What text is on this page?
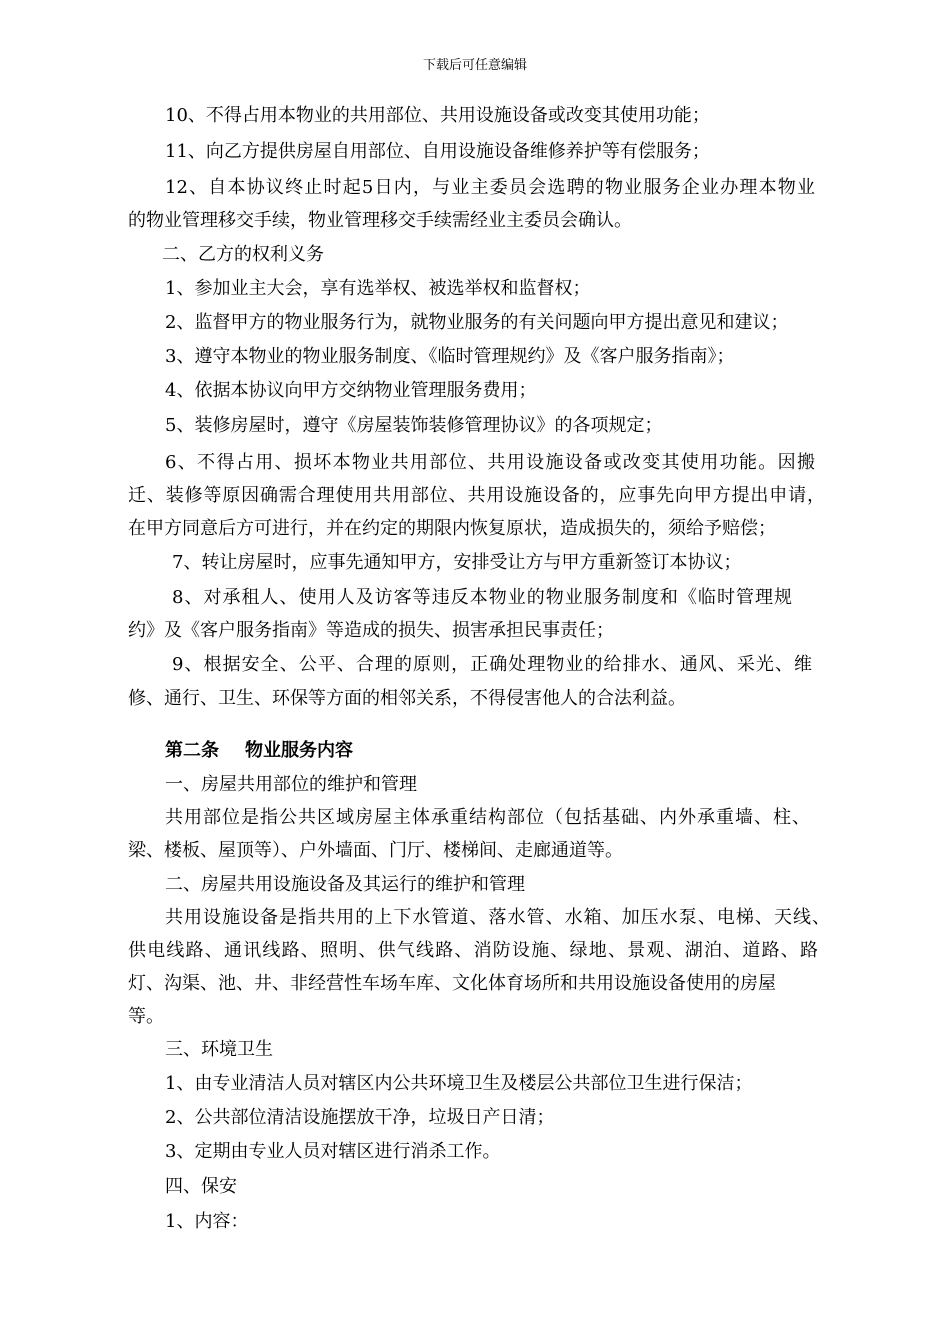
下载后可任意编辑
10、不得占用本物业的共用部位、共用设施设备或改变其使用功能；
11、向乙方提供房屋自用部位、自用设施设备维修养护等有偿服务；
12、自本协议终止时起5日内，与业主委员会选聘的物业服务企业办理本物业
的物业管理移交手续，物业管理移交手续需经业主委员会确认。
二、乙方的权利义务
1、参加业主大会，享有选举权、被选举权和监督权；
2、监督甲方的物业服务行为，就物业服务的有关问题向甲方提出意见和建议；
3、遵守本物业的物业服务制度、《临时管理规约》及《客户服务指南》；
4、依据本协议向甲方交纳物业管理服务费用；
5、装修房屋时，遵守《房屋装饰装修管理协议》的各项规定；
6、不得占用、损坏本物业共用部位、共用设施设备或改变其使用功能。因搬
迁、装修等原因确需合理使用共用部位、共用设施设备的，应事先向甲方提出申请，
在甲方同意后方可进行，并在约定的期限内恢复原状，造成损失的，须给予赔偿；
7、转让房屋时，应事先通知甲方，安排受让方与甲方重新签订本协议；
8、对承租人、使用人及访客等违反本物业的物业服务制度和《临时管理规
约》及《客户服务指南》等造成的损失、损害承担民事责任；
9、根据安全、公平、合理的原则，正确处理物业的给排水、通风、采光、维
修、通行、卫生、环保等方面的相邻关系，不得侵害他人的合法利益。
第二条 物业服务内容
一、房屋共用部位的维护和管理
共用部位是指公共区域房屋主体承重结构部位（包括基础、内外承重墙、柱、
梁、楼板、屋顶等）、户外墙面、门厅、楼梯间、走廊通道等。
二、房屋共用设施设备及其运行的维护和管理
共用设施设备是指共用的上下水管道、落水管、水箱、加压水泵、电梯、天线、
供电线路、通讯线路、照明、供气线路、消防设施、绿地、景观、湖泊、道路、路
灯、沟渠、池、井、非经营性车场车库、文化体育场所和共用设施设备使用的房屋
等。
三、环境卫生
1、由专业清洁人员对辖区内公共环境卫生及楼层公共部位卫生进行保洁；
2、公共部位清洁设施摆放干净，垃圾日产日清；
3、定期由专业人员对辖区进行消杀工作。
四、保安
1、内容：
